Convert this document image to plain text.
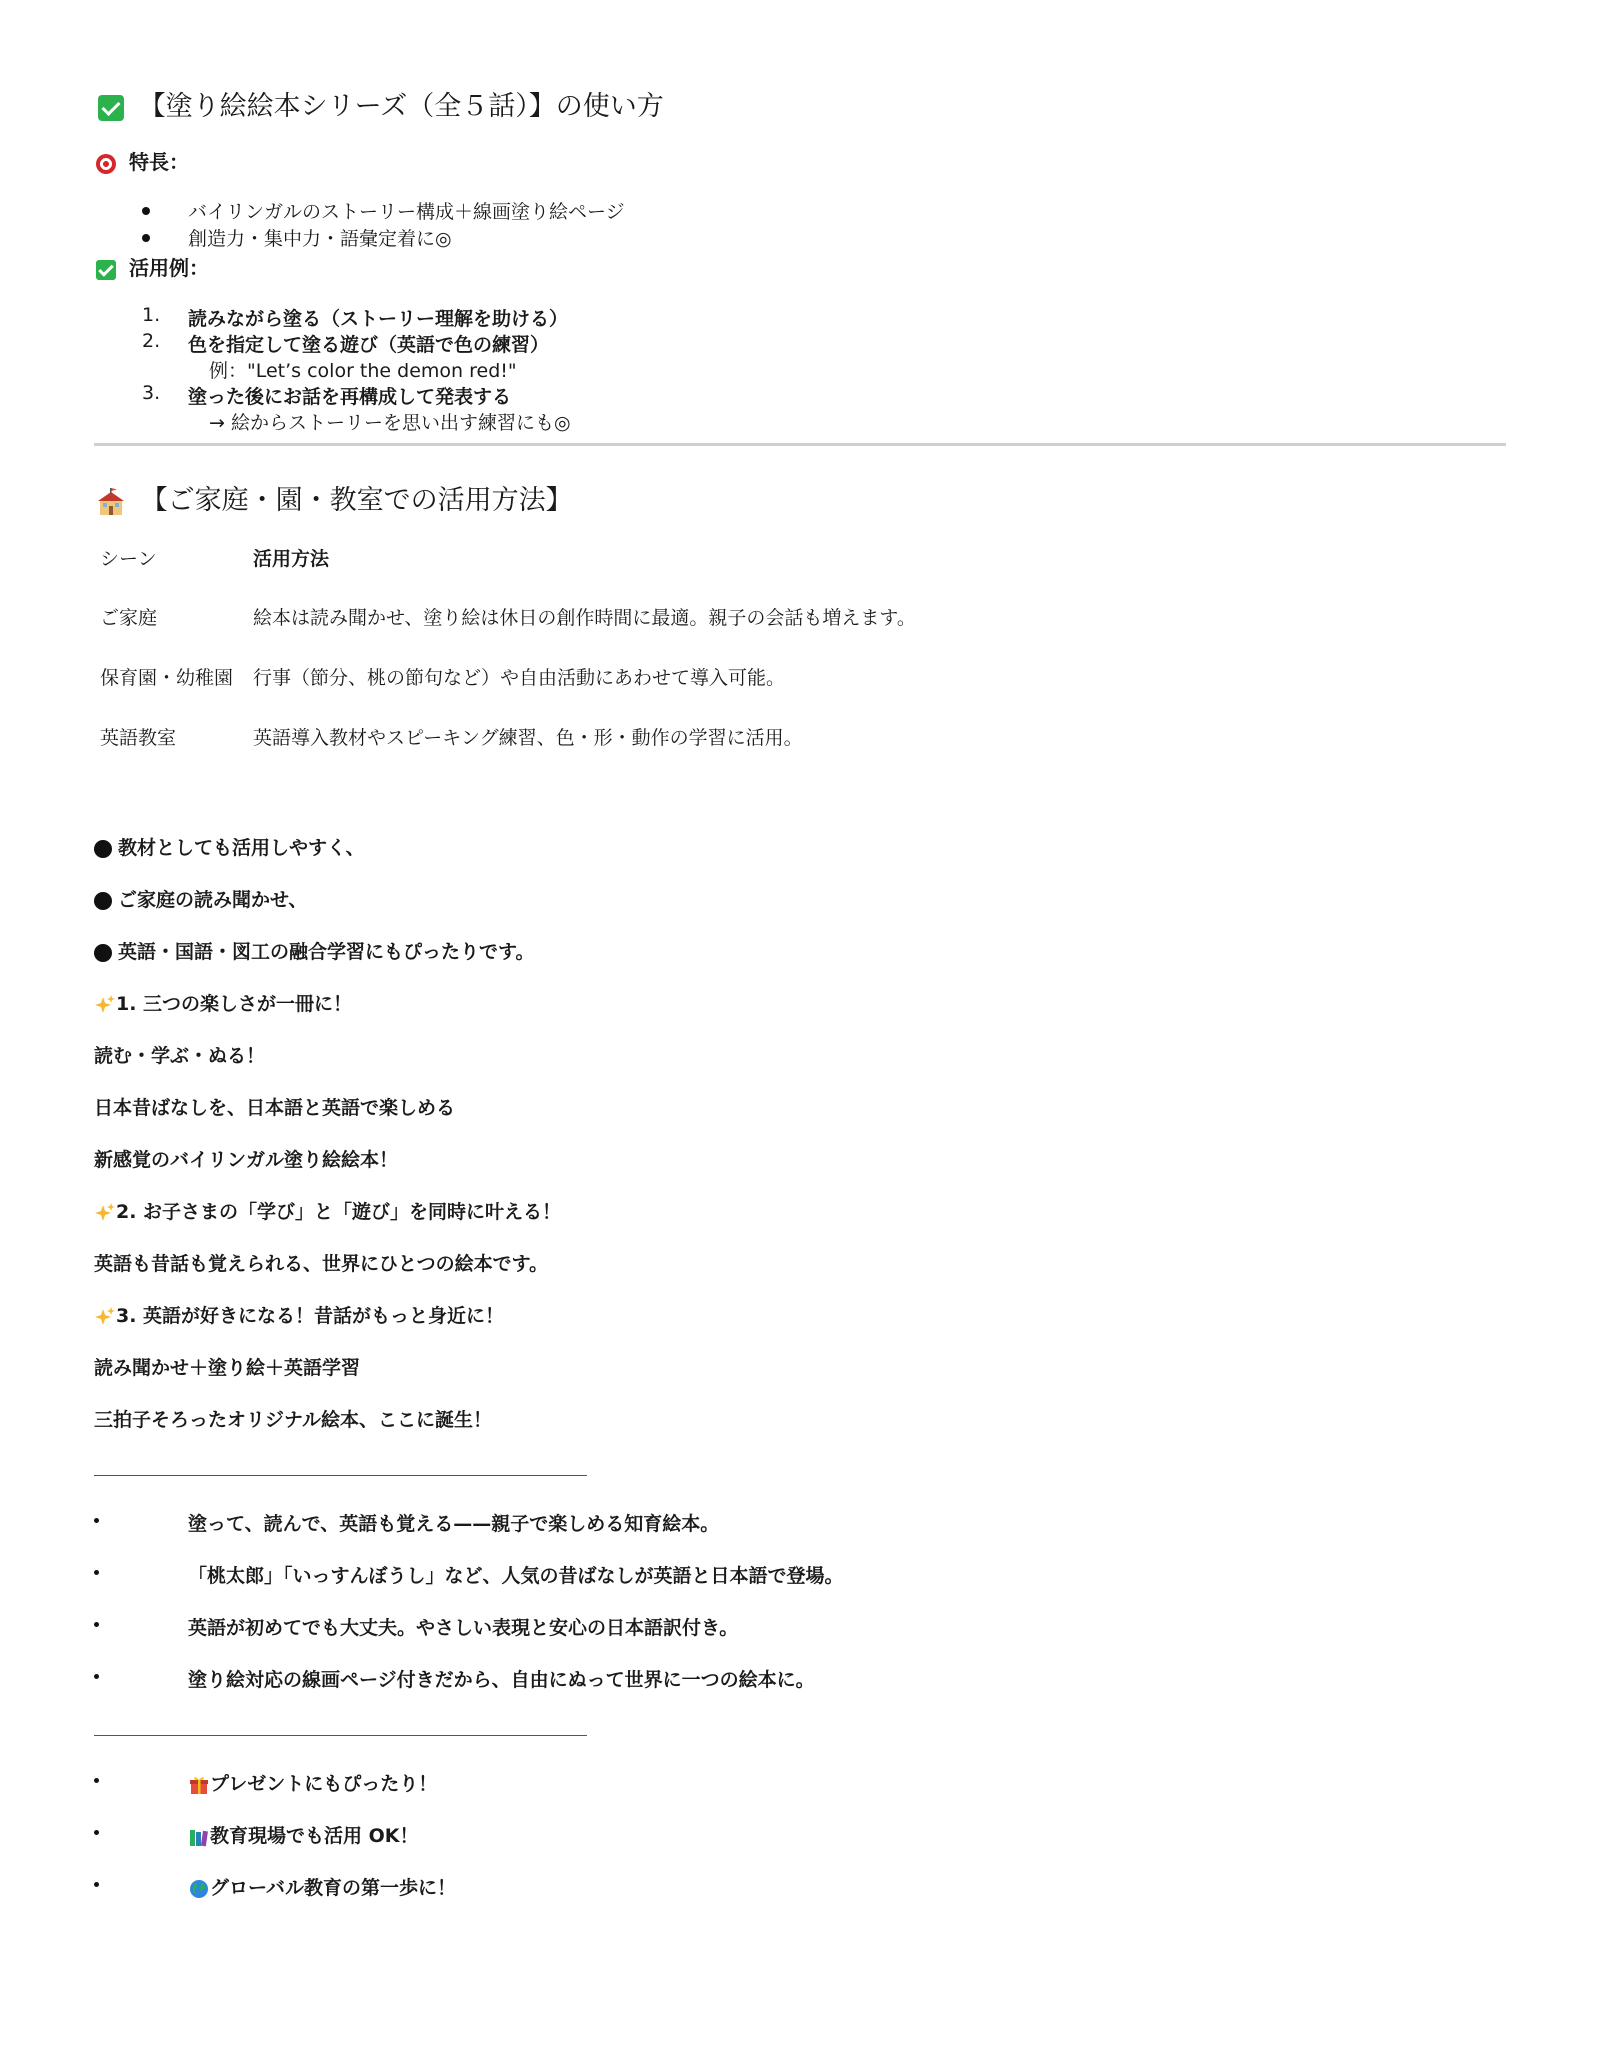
【塗り絵絵本シリーズ（全５話）】の使い方
特長：
バイリンガルのストーリー構成＋線画塗り絵ページ
創造力・集中力・語彙定着に◎
活用例：
1. 読みながら塗る（ストーリー理解を助ける）
2. 色を指定して塗る遊び（英語で色の練習）
例："Let’s color the demon red!"
3. 塗った後にお話を再構成して発表する
→ 絵からストーリーを思い出す練習にも◎
【ご家庭・園・教室での活用方法】
シーン	活用方法
ご家庭	絵本は読み聞かせ、塗り絵は休日の創作時間に最適。親子の会話も増えます。
保育園・幼稚園 行事（節分、桃の節句など）や自由活動にあわせて導入可能。
英語教室	英語導入教材やスピーキング練習、色・形・動作の学習に活用。
教材としても活用しやすく、
ご家庭の読み聞かせ、
英語・国語・図工の融合学習にもぴったりです。
1. 三つの楽しさが一冊に！
読む・学ぶ・ぬる！
日本昔ばなしを、日本語と英語で楽しめる
新感覚のバイリンガル塗り絵絵本！
2. お子さまの「学び」と「遊び」を同時に叶える！
英語も昔話も覚えられる、世界にひとつの絵本です。
3. 英語が好きになる！昔話がもっと身近に！
読み聞かせ＋塗り絵＋英語学習
三拍子そろったオリジナル絵本、ここに誕生！
塗って、読んで、英語も覚える——親子で楽しめる知育絵本。
「桃太郎」「いっすんぼうし」など、人気の昔ばなしが英語と日本語で登場。
英語が初めてでも大丈夫。やさしい表現と安心の日本語訳付き。
塗り絵対応の線画ページ付きだから、自由にぬって世界に一つの絵本に。
プレゼントにもぴったり！
教育現場でも活用 OK！
グローバル教育の第一歩に！
